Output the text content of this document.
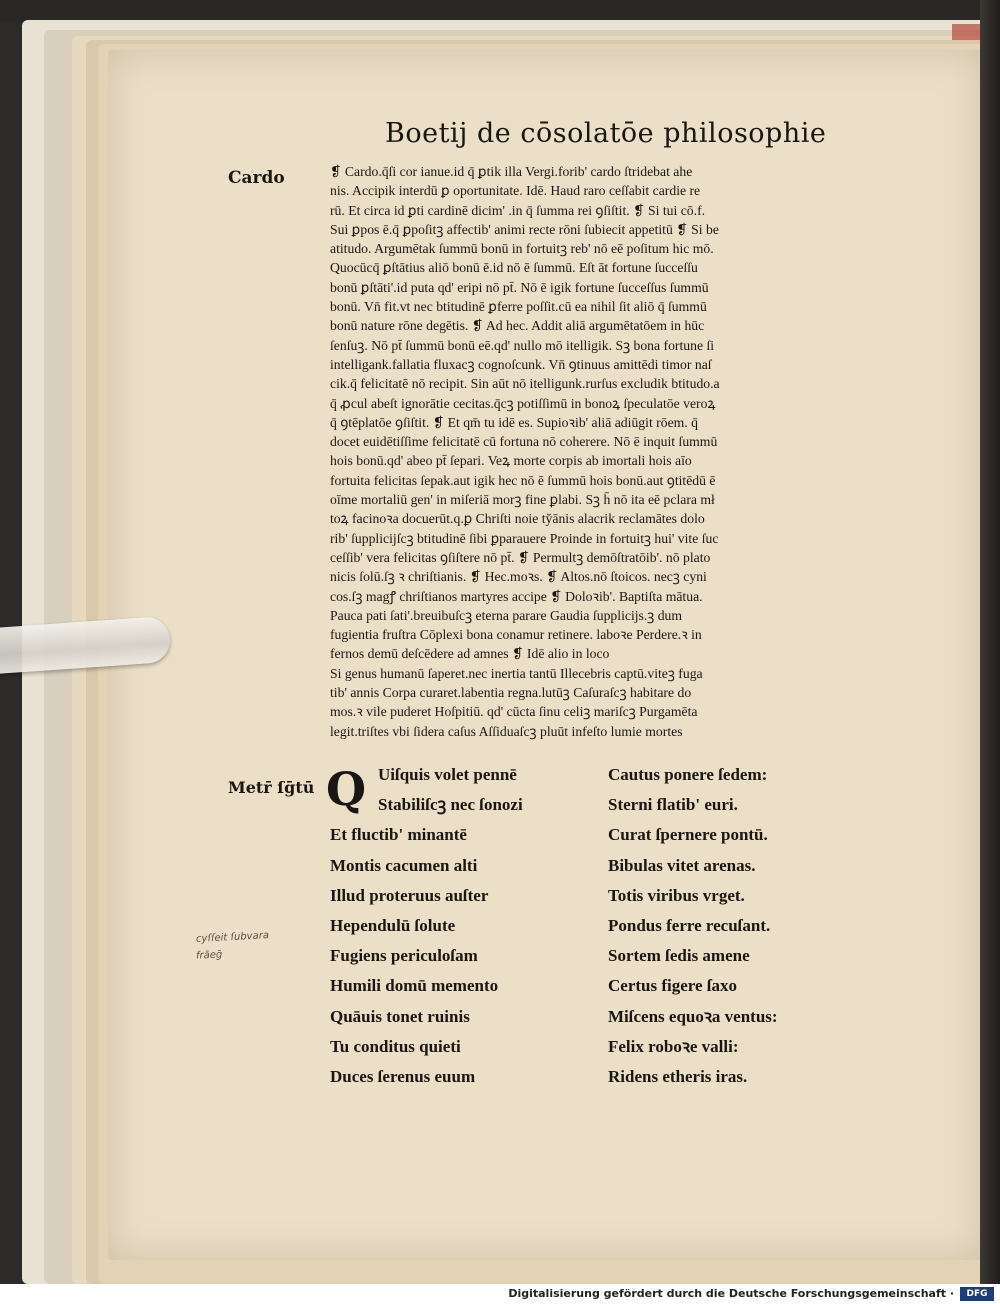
Boetij de cōsolatōe philosophie
Cardo	❡ Cardo.q̄ſi cor ianue.id q̄ ꝑtik illa Vergi.forib' cardo ſtridebat ahe
nis. Accipik interdū ꝑ oportunitate. Idē. Haud raro ceſſabit cardie re
rū. Et circa id ꝑti cardinē dicim' .in q̄ ſumma rei ꝯſiſtit. ❡ Si tui cō.f.
Sui ꝑpos ē.q̄ ꝑpoſitꝫ affectib' animi recte rōni ſubiecit appetitū ❡ Si be
atitudo. Argumētak ſummū bonū in fortuitꝫ reb' nō eē poſitum hic mō.
Quocūcq̄ ꝑſtātius aliō bonū ē.id nō ē ſummū. Eſt āt fortune ſucceſſu
bonū ꝑſtāti'.id puta qd' eripi nō pt̄. Nō ē igik fortune ſucceſſus ſummū
bonū. Vn̄ fit.vt nec btitudinē ꝑferre poſſit.cū ea nihil ſit aliō q̄ ſummū
bonū nature rōne degētis. ❡ Ad hec. Addit aliā argumētatōem in hūc
ſenſuꝫ. Nō pt̄ ſummū bonū eē.qd' nullo mō itelligik. Sꝫ bona fortune ſi
intelligank.fallatia fluxacꝫ cognoſcunk. Vn̄ ꝯtinuus amittēdi timor naſ
cik.q̄ felicitatē nō recipit. Sin aūt nō itelligunk.rurſus excludik btitudo.a
q̄ ꝓcul abeſt ignorātie cecitas.q̄cꝫ potiſſimū in bonoꝝ ſpeculatōe veroꝝ
q̄ ꝯtēplatōe ꝯſiſtit. ❡ Et qm̄ tu idē es. Supioꝛib' aliā adiūgit rōem. q̄
docet euidētiſſime felicitatē cū fortuna nō coherere. Nō ē inquit ſummū
hois bonū.qd' abeo pt̄ ſepari. Veꝝ morte corpis ab imortali hois aīo
fortuita felicitas ſepak.aut igik hec nō ē ſummū hois bonū.aut ꝯtitēdū ē
oīme mortaliū gen' in miſeriā morꝫ fine ꝑlabi. Sꝫ h̄ nō ita eē pclara mł
toꝝ facinoꝛa docuerūt.q.ꝑ Chriſti noie ty̆ānis alacrik reclamātes dolo
rib' ſupplicijſcꝫ btitudinē ſibi ꝑparauere Proinde in fortuitꝫ hui' vite ſuc
ceſſib' vera felicitas ꝯſiſtere nō pt̄. ❡ Permultꝫ demōſtratōib'. nō plato
nicis ſolū.ſꝫ ꝛ chriſtianis. ❡ Hec.moꝛs. ❡ Altos.nō ſtoicos. necꝫ cyni
cos.ſꝫ magꝭ chriſtianos martyres accipe ❡ Doloꝛib'. Baptiſta mātua.
Pauca pati ſati'.breuibuſcꝫ eterna parare Gaudia ſupplicijs.ꝫ dum
fugientia fruſtra Cōplexi bona conamur retinere. laboꝛe Perdere.ꝛ in
fernos demū deſcēdere ad amnes ❡ Idē alio in loco
Si genus humanū ſaperet.nec inertia tantū Illecebris captū.viteꝫ fuga
tib' annis Corpa curaret.labentia regna.lutūꝫ Caſuraſcꝫ habitare do
mos.ꝛ vile puderet Hoſpitiū. qd' cūcta ſinu celiꝫ mariſcꝫ Purgamēta
legit.triſtes vbi ſidera caſus Aſſiduaſcꝫ pluūt infeſto lumie mortes
Metr̄ ſḡtū Q Uiſquis volet pennē
Stabiliſcꝫ nec ſonozi
Et fluctib' minantē
Montis cacumen alti
Illud proteruus auſter
Hependulū ſolute
Fugiens periculoſam
Humili domū memento
Quāuis tonet ruinis
Tu conditus quieti
Duces ſerenus euum
Cautus ponere ſedem:
Sterni flatib' euri.
Curat ſpernere pontū.
Bibulas vitet arenas.
Totis viribus vrget.
Pondus ferre recuſant.
Sortem ſedis amene
Certus figere ſaxo
Miſcens equoꝛa ventus:
Felix roboꝛe valli:
Ridens etheris iras.
cyſſeit ſubvara
frāeḡ
Digitalisierung gefördert durch die Deutsche Forschungsgemeinschaft ·	DFG
